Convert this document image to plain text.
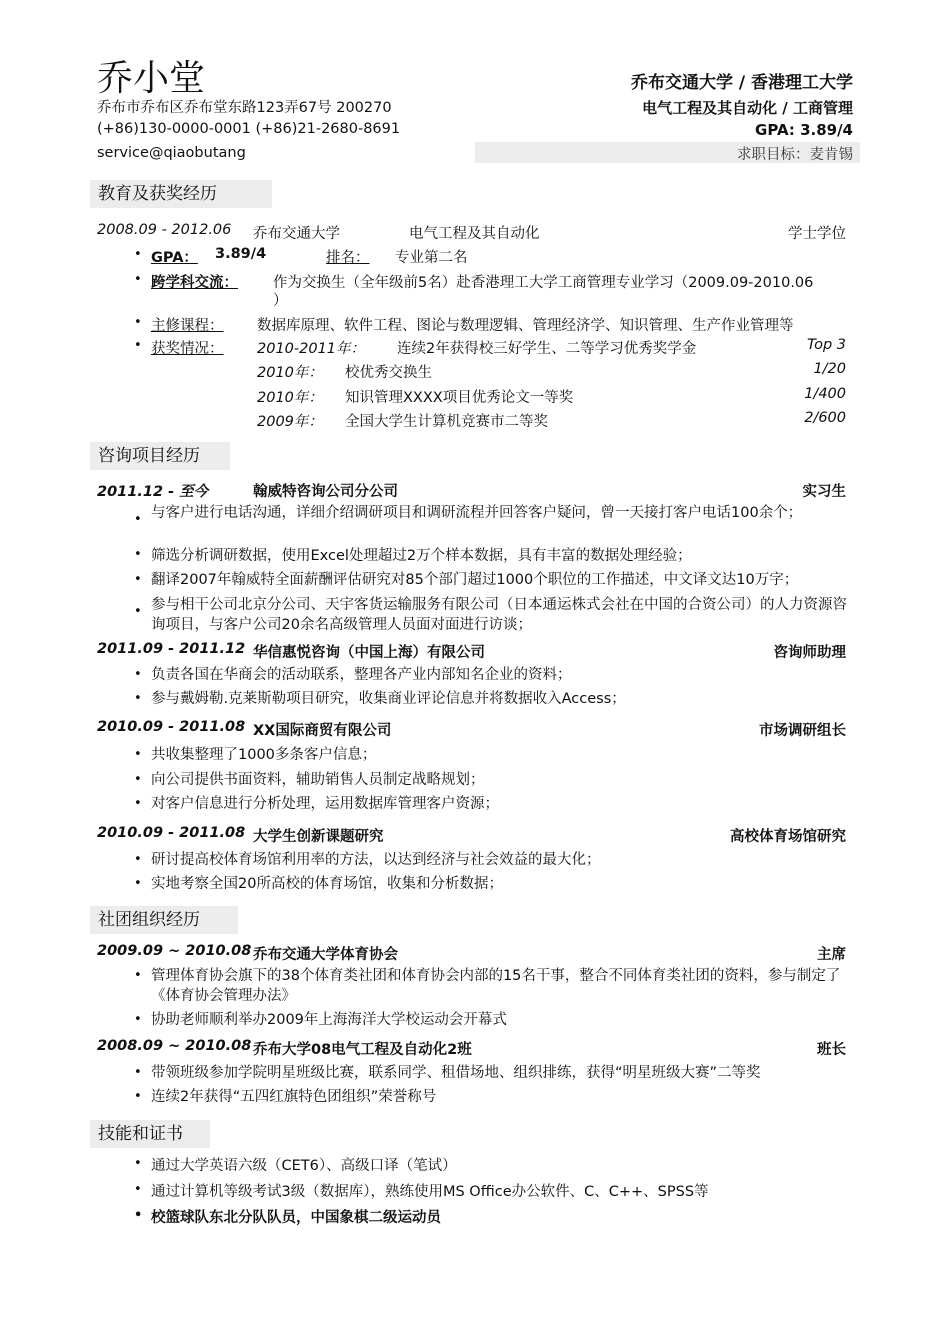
乔小堂
乔布市乔布区乔布堂东路123弄67号 200270
(+86)130-0000-0001 (+86)21-2680-8691
service@qiaobutang
乔布交通大学 / 香港理工大学
电气工程及其自动化 / 工商管理
GPA: 3.89/4
求职目标：麦肯锡
教育及获奖经历
2008.09 - 2012.06 乔布交通大学	电气工程及其自动化	学士学位
• GPA： 3.89/4	排名： 专业第二名
• 跨学科交流： 作为交换生（全年级前5名）赴香港理工大学工商管理专业学习（2009.09-2010.06
）
• 主修课程： 数据库原理、软件工程、图论与数理逻辑、管理经济学、知识管理、生产作业管理等
• 获奖情况： 2010-2011年： 连续2年获得校三好学生、二等学习优秀奖学金	Top 3
2010年： 校优秀交换生	1/20
2010年： 知识管理XXXX项目优秀论文一等奖	1/400
2009年： 全国大学生计算机竞赛市二等奖	2/600
咨询项目经历
2011.12 - 至今	翰威特咨询公司分公司	实习生
• 与客户进行电话沟通，详细介绍调研项目和调研流程并回答客户疑问，曾一天接打客户电话100余个；
• 筛选分析调研数据，使用Excel处理超过2万个样本数据，具有丰富的数据处理经验；
• 翻译2007年翰威特全面薪酬评估研究对85个部门超过1000个职位的工作描述，中文译文达10万字；
• 参与相干公司北京分公司、天宇客货运输服务有限公司（日本通运株式会社在中国的合资公司）的人力资源咨询项目，与客户公司20余名高级管理人员面对面进行访谈；
2011.09 - 2011.12 华信惠悦咨询（中国上海）有限公司	咨询师助理
• 负责各国在华商会的活动联系，整理各产业内部知名企业的资料；
• 参与戴姆勒.克莱斯勒项目研究，收集商业评论信息并将数据收入Access；
2010.09 - 2011.08 XX国际商贸有限公司	市场调研组长
• 共收集整理了1000多条客户信息；
• 向公司提供书面资料，辅助销售人员制定战略规划；
• 对客户信息进行分析处理，运用数据库管理客户资源；
2010.09 - 2011.08 大学生创新课题研究	高校体育场馆研究
• 研讨提高校体育场馆利用率的方法，以达到经济与社会效益的最大化；
• 实地考察全国20所高校的体育场馆，收集和分析数据；
社团组织经历
2009.09 ~ 2010.08 乔布交通大学体育协会	主席
• 管理体育协会旗下的38个体育类社团和体育协会内部的15名干事，整合不同体育类社团的资料，参与制定了《体育协会管理办法》
• 协助老师顺利举办2009年上海海洋大学校运动会开幕式
2008.09 ~ 2010.08 乔布大学08电气工程及自动化2班	班长
• 带领班级参加学院明星班级比赛，联系同学、租借场地、组织排练，获得“明星班级大赛”二等奖
• 连续2年获得“五四红旗特色团组织”荣誉称号
技能和证书
• 通过大学英语六级（CET6）、高级口译（笔试）
• 通过计算机等级考试3级（数据库），熟练使用MS Office办公软件、C、C++、SPSS等
• 校篮球队东北分队队员，中国象棋二级运动员
